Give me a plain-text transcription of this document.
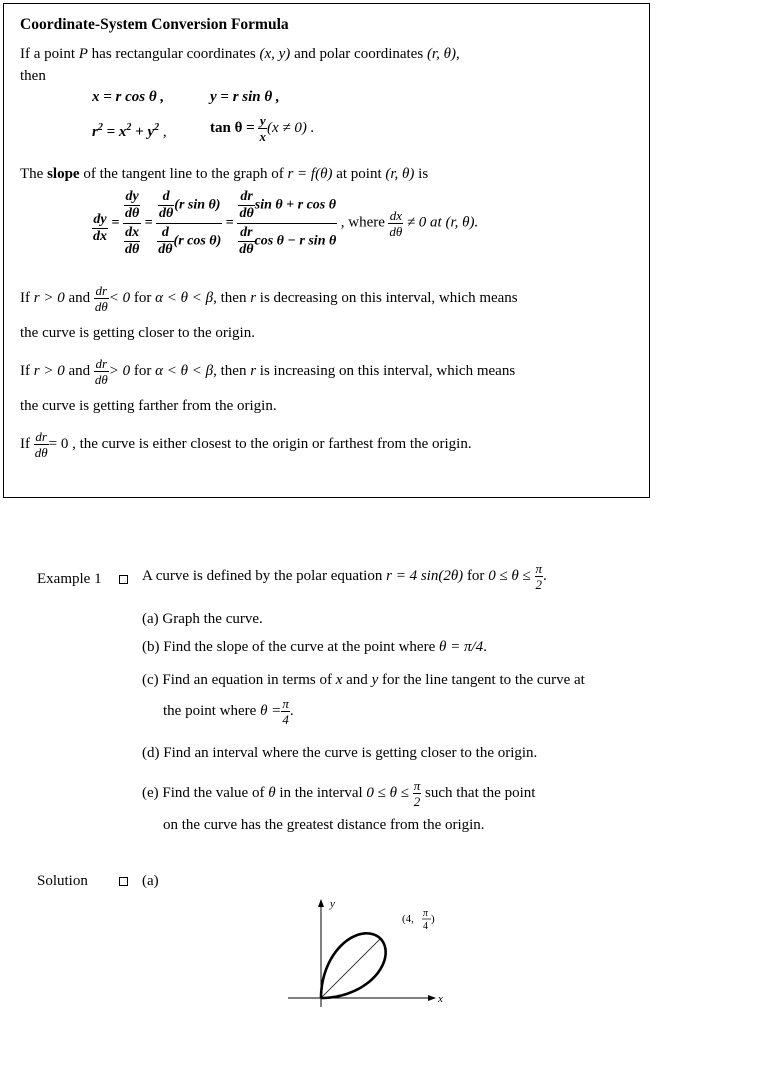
Coordinate-System Conversion Formula
If a point P has rectangular coordinates (x, y) and polar coordinates (r, θ),
then
x = r cos θ ,	y = r sin θ ,
$r^2 = x^2 + y^2$ ,	$\tan \theta = \frac{y}{x} (x \ne 0)$ .
The slope of the tangent line to the graph of r = f(θ) at point (r, θ) is
$\frac{dy}{dx} = \frac{\frac{dy}{d\theta}}{\frac{dx}{d\theta}} = \frac{\frac{d}{d\theta} (r \sin \theta)}{\frac{d}{d\theta} (r \cos \theta)} = \frac{\frac{dr}{d\theta} \sin \theta + r \cos \theta}{\frac{dr}{d\theta} \cos \theta - r \sin \theta}$ , where $\frac{dx}{d\theta} \ne 0$ at (r, θ).
If r > 0 and $\frac{dr}{d\theta} < 0$ for α < θ < β, then r is decreasing on this interval, which means
the curve is getting closer to the origin.
If r > 0 and $\frac{dr}{d\theta} > 0$ for α < θ < β, then r is increasing on this interval, which means
the curve is getting farther from the origin.
If $\frac{dr}{d\theta} = 0$ , the curve is either closest to the origin or farthest from the origin.
Example 1	A curve is defined by the polar equation r = 4 sin(2θ) for $0 \le \theta \le \frac{\pi}{2}$ .
(a) Graph the curve.
(b) Find the slope of the curve at the point where θ = π/4.
(c) Find an equation in terms of x and y for the line tangent to the curve at
the point where $\theta = \frac{\pi}{4}$ .
(d) Find an interval where the curve is getting closer to the origin.
(e) Find the value of θ in the interval $0 \le \theta \le \frac{\pi}{2}$ such that the point
on the curve has the greatest distance from the origin.
Solution	(a)
y
x
(4, π
4
)
